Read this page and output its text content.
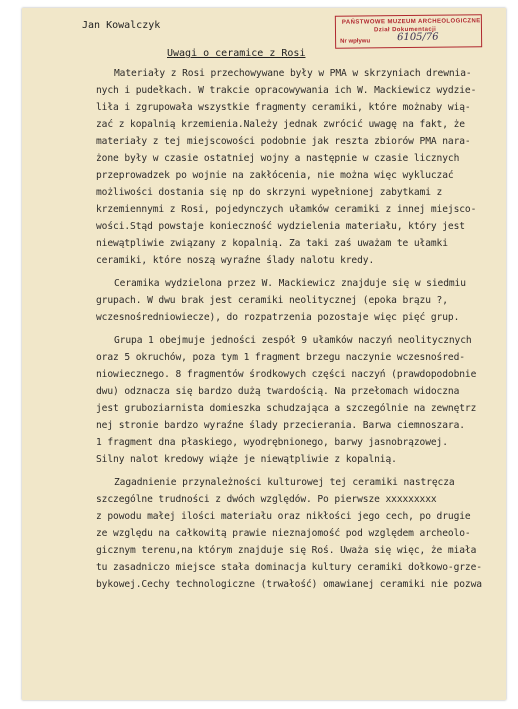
PAŃSTWOWE MUZEUM ARCHEOLOGICZNE
Dział Dokumentacji
Nr wpływu	6105/76
Jan Kowalczyk
Uwagi o ceramice z Rosi
Materiały z Rosi przechowywane były w PMA w skrzyniach drewnia-
nych i pudełkach. W trakcie opracowywania ich W. Mackiewicz wydzie-
liła i zgrupowała wszystkie fragmenty ceramiki, które możnaby wią-
zać z kopalnią krzemienia.Należy jednak zwrócić uwagę na fakt, że
materiały z tej miejscowości podobnie jak reszta zbiorów PMA nara-
żone były w czasie ostatniej wojny a następnie w czasie licznych
przeprowadzek po wojnie na zakłócenia, nie można więc wykluczać
możliwości dostania się np do skrzyni wypełnionej zabytkami z
krzemiennymi z Rosi, pojedynczych ułamków ceramiki z innej miejsco-
wości.Stąd powstaje konieczność wydzielenia materiału, który jest
niewątpliwie związany z kopalnią. Za taki zaś uważam te ułamki
ceramiki, które noszą wyraźne ślady nalotu kredy.
Ceramika wydzielona przez W. Mackiewicz znajduje się w siedmiu
grupach. W dwu brak jest ceramiki neolitycznej (epoka brązu ?,
wczesnośredniowiecze), do rozpatrzenia pozostaje więc pięć grup.
Grupa 1 obejmuje jedności zespół 9 ułamków naczyń neolitycznych
oraz 5 okruchów, poza tym 1 fragment brzegu naczynie wczesnośred-
niowiecznego. 8 fragmentów środkowych części naczyń (prawdopodobnie
dwu) odznacza się bardzo dużą twardością. Na przełomach widoczna
jest gruboziarnista domieszka schudzająca a szczególnie na zewnętrz
nej stronie bardzo wyraźne ślady przecierania. Barwa ciemnoszara.
1 fragment dna płaskiego, wyodrębnionego, barwy jasnobrązowej.
Silny nalot kredowy wiąże je niewątpliwie z kopalnią.
Zagadnienie przynależności kulturowej tej ceramiki nastręcza
szczególne trudności z dwóch względów. Po pierwsze xxxxxxxxx
z powodu małej ilości materiału oraz nikłości jego cech, po drugie
ze względu na całkowitą prawie nieznajomość pod względem archeolo-
gicznym terenu,na którym znajduje się Roś. Uważa się więc, że miała
tu zasadniczo miejsce stała dominacja kultury ceramiki dołkowo-grze-
bykowej.Cechy technologiczne (trwałość) omawianej ceramiki nie pozwa
